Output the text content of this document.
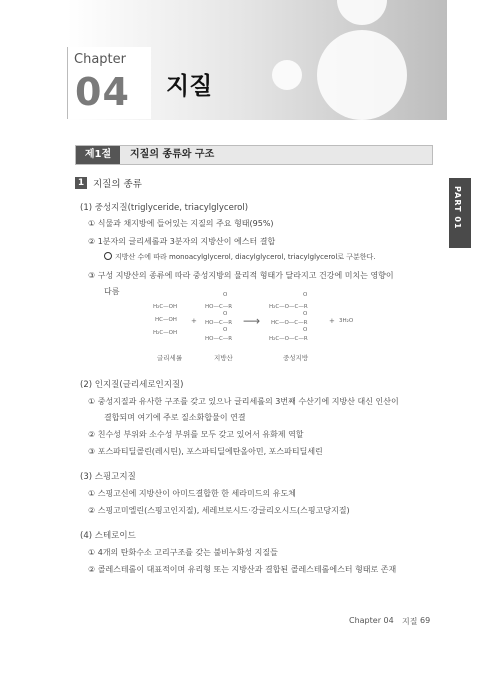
Chapter
04 지질
PART 01
제1절	지질의 종류와 구조
1 지질의 종류
(1) 중성지질(triglyceride, triacylglycerol)
① 식물과 채지방에 들어있는 지질의 주요 형태(95%)
② 1분자의 글리세롤과 3분자의 지방산이 에스터 결합
지방산 수에 따라 monoacylglycerol, diacylglycerol, triacylglycerol로 구분한다.
③ 구성 지방산의 종류에 따라 중성지방의 물리적 형태가 달라지고 건강에 미치는 영향이
다름
H₂C—OH
HC—OH
H₂C—OH
+
O
HO—C—R
O
HO—C—R
O
HO—C—R
⟶
O
H₂C—O—C—R
O
HC—O—C—R
O
H₂C—O—C—R
+ 3H₂O
글리세롤	지방산	중성지방
(2) 인지질(글리세로인지질)
① 중성지질과 유사한 구조를 갖고 있으나 글리세롤의 3번째 수산기에 지방산 대신 인산이
결합되며 여기에 주로 질소화합물이 연결
② 친수성 부위와 소수성 부위를 모두 갖고 있어서 유화제 역할
③ 포스파티딜콜린(레시틴), 포스파티딜에탄올아민, 포스파티딜세린
(3) 스핑고지질
① 스핑고신에 지방산이 아미드결합한 한 세라미드의 유도체
② 스핑고미엘린(스핑고인지질), 세레브로시드·강글리오시드(스핑고당지질)
(4) 스테로이드
① 4개의 탄화수소 고리구조를 갖는 불비누화성 지질들
② 콜레스테롤이 대표적이며 유리형 또는 지방산과 결합된 콜레스테롤에스터 형태로 존재
Chapter 04 지질 69
